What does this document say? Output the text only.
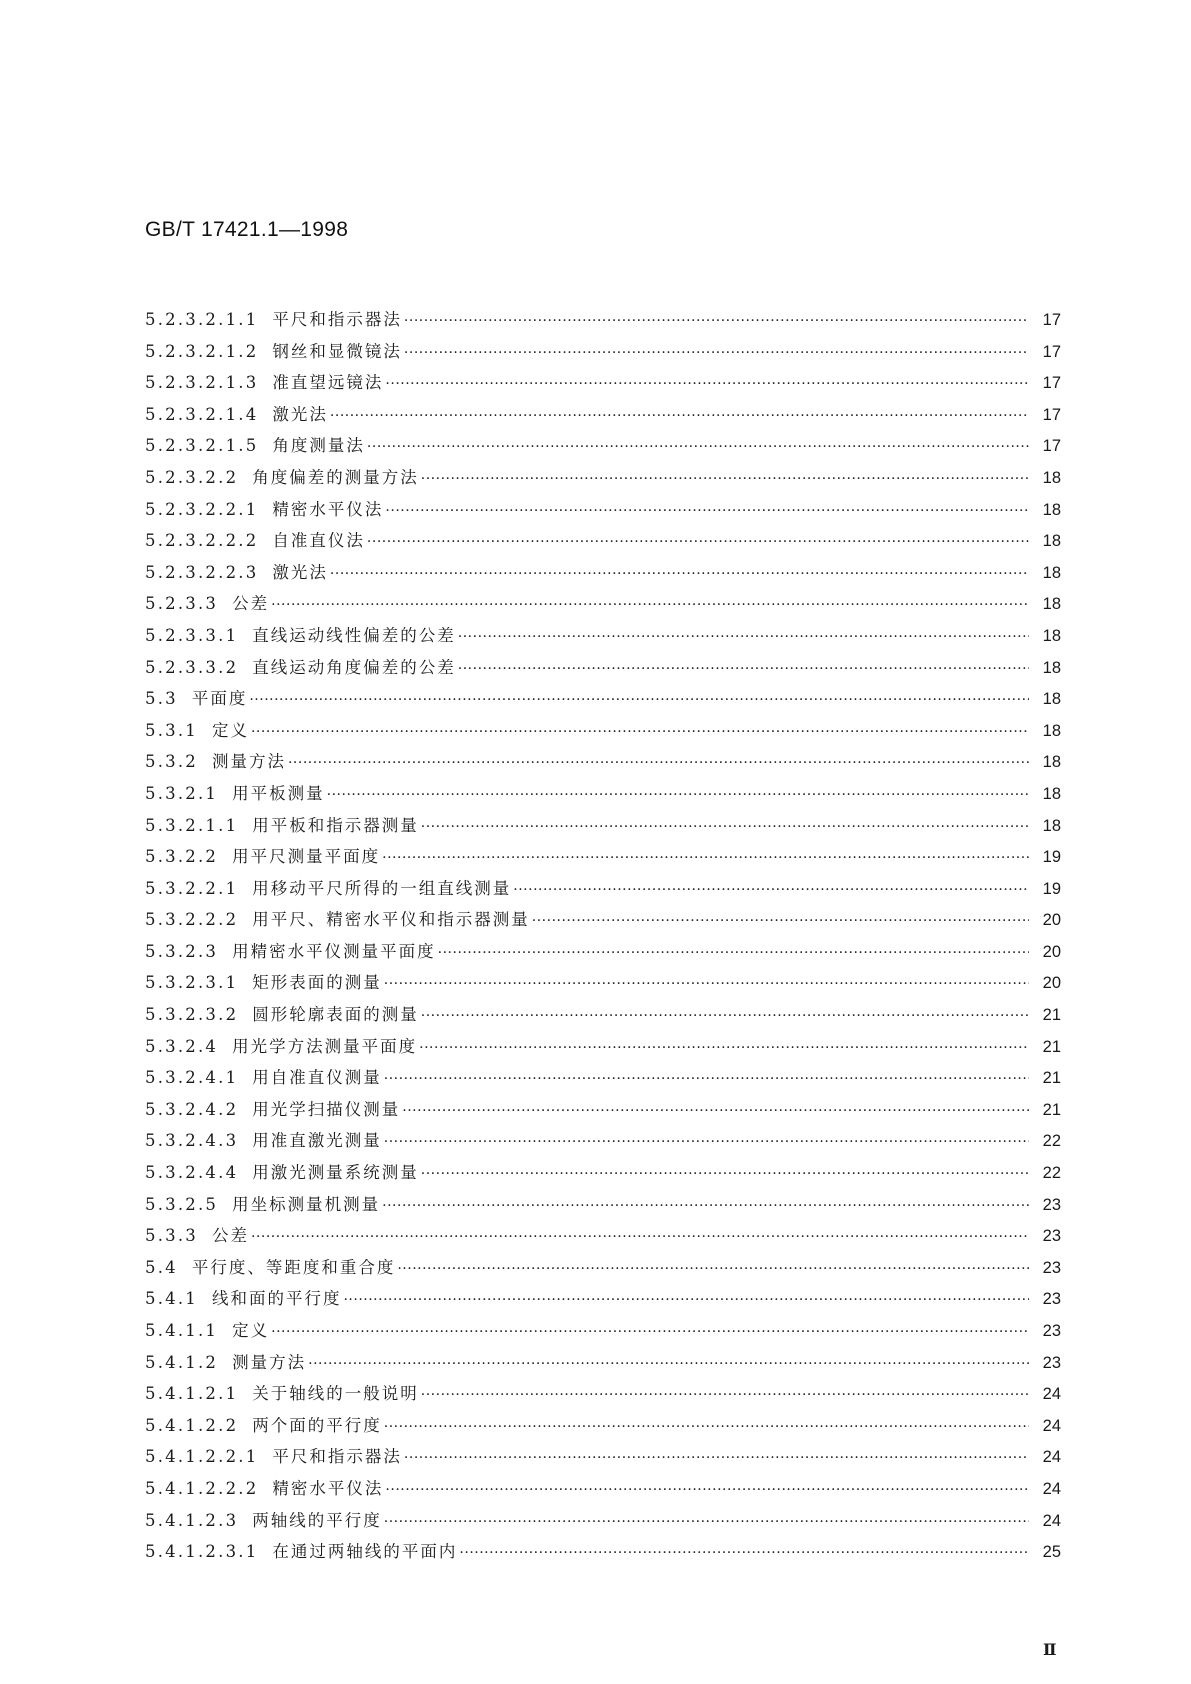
GB/T 17421.1—1998
5.2.3.2.1.1 平尺和指示器法 ·····	17
5.2.3.2.1.2 钢丝和显微镜法 ·····	17
5.2.3.2.1.3 准直望远镜法 ·····	17
5.2.3.2.1.4 激光法 ·····	17
5.2.3.2.1.5 角度测量法 ·····	17
5.2.3.2.2 角度偏差的测量方法 ·····	18
5.2.3.2.2.1 精密水平仪法 ·····	18
5.2.3.2.2.2 自准直仪法 ·····	18
5.2.3.2.2.3 激光法 ·····	18
5.2.3.3 公差 ·····	18
5.2.3.3.1 直线运动线性偏差的公差 ·····	18
5.2.3.3.2 直线运动角度偏差的公差 ·····	18
5.3 平面度 ·····	18
5.3.1 定义 ·····	18
5.3.2 测量方法 ·····	18
5.3.2.1 用平板测量 ·····	18
5.3.2.1.1 用平板和指示器测量 ·····	18
5.3.2.2 用平尺测量平面度 ·····	19
5.3.2.2.1 用移动平尺所得的一组直线测量 ·····	19
5.3.2.2.2 用平尺、精密水平仪和指示器测量 ·····	20
5.3.2.3 用精密水平仪测量平面度 ·····	20
5.3.2.3.1 矩形表面的测量 ·····	20
5.3.2.3.2 圆形轮廓表面的测量 ·····	21
5.3.2.4 用光学方法测量平面度 ·····	21
5.3.2.4.1 用自准直仪测量 ·····	21
5.3.2.4.2 用光学扫描仪测量 ·····	21
5.3.2.4.3 用准直激光测量 ·····	22
5.3.2.4.4 用激光测量系统测量 ·····	22
5.3.2.5 用坐标测量机测量 ·····	23
5.3.3 公差 ·····	23
5.4 平行度、等距度和重合度 ·····	23
5.4.1 线和面的平行度 ·····	23
5.4.1.1 定义 ·····	23
5.4.1.2 测量方法 ·····	23
5.4.1.2.1 关于轴线的一般说明 ·····	24
5.4.1.2.2 两个面的平行度 ·····	24
5.4.1.2.2.1 平尺和指示器法 ·····	24
5.4.1.2.2.2 精密水平仪法 ·····	24
5.4.1.2.3 两轴线的平行度 ·····	24
5.4.1.2.3.1 在通过两轴线的平面内 ·····	25
Ⅱ
